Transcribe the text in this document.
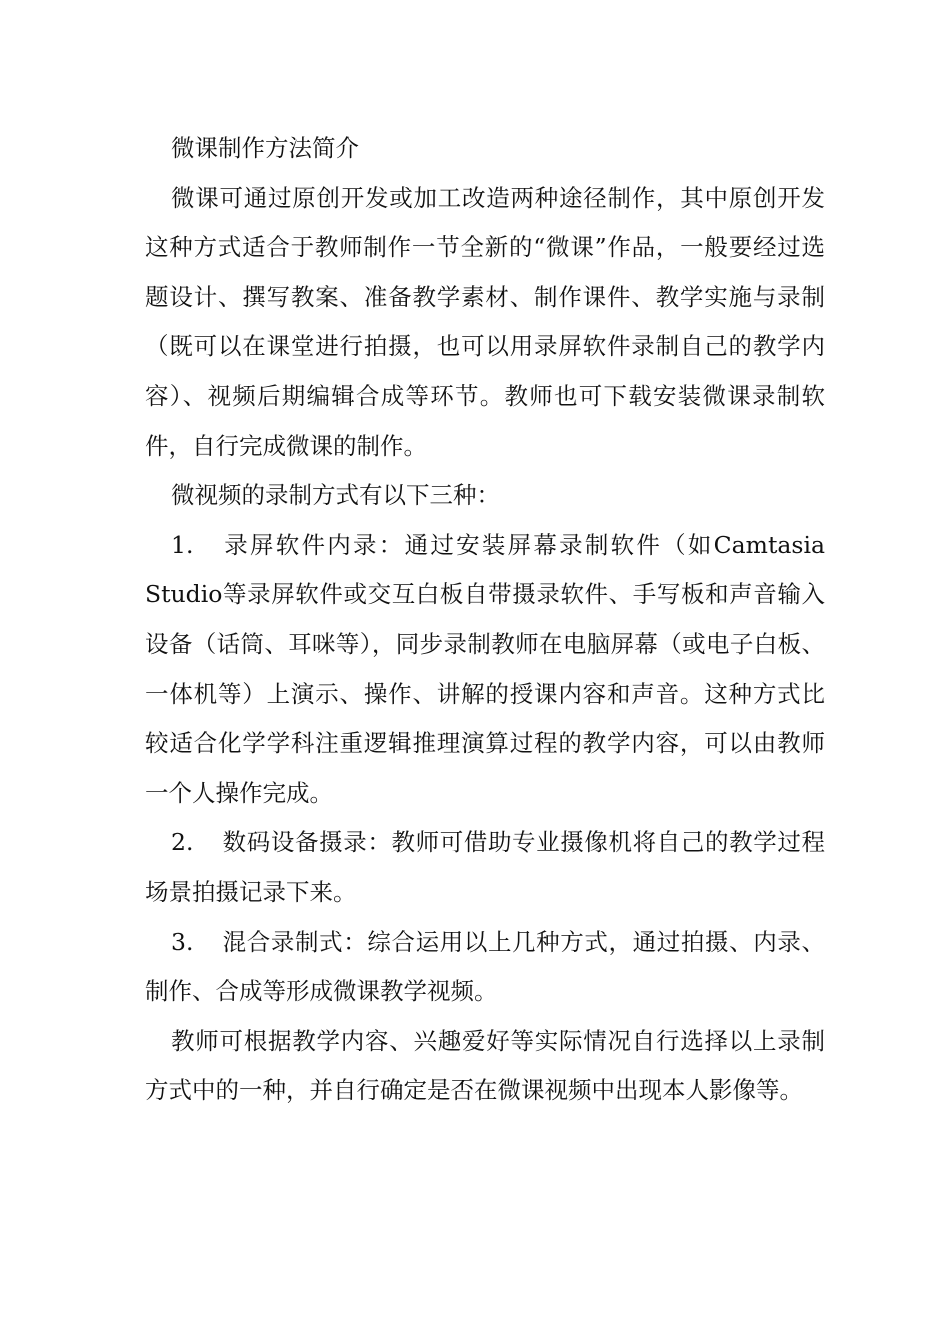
微课制作方法简介

微课可通过原创开发或加工改造两种途径制作，其中原创开发这种方式适合于教师制作一节全新的“微课”作品，一般要经过选题设计、撰写教案、准备教学素材、制作课件、教学实施与录制（既可以在课堂进行拍摄，也可以用录屏软件录制自己的教学内容）、视频后期编辑合成等环节。教师也可下载安装微课录制软件，自行完成微课的制作。

微视频的录制方式有以下三种：

1. 录屏软件内录：通过安装屏幕录制软件（如Camtasia Studio等录屏软件或交互白板自带摄录软件、手写板和声音输入设备（话筒、耳咪等），同步录制教师在电脑屏幕（或电子白板、一体机等）上演示、操作、讲解的授课内容和声音。这种方式比较适合化学学科注重逻辑推理演算过程的教学内容，可以由教师一个人操作完成。

2. 数码设备摄录：教师可借助专业摄像机将自己的教学过程场景拍摄记录下来。

3. 混合录制式：综合运用以上几种方式，通过拍摄、内录、制作、合成等形成微课教学视频。

教师可根据教学内容、兴趣爱好等实际情况自行选择以上录制方式中的一种，并自行确定是否在微课视频中出现本人影像等。
